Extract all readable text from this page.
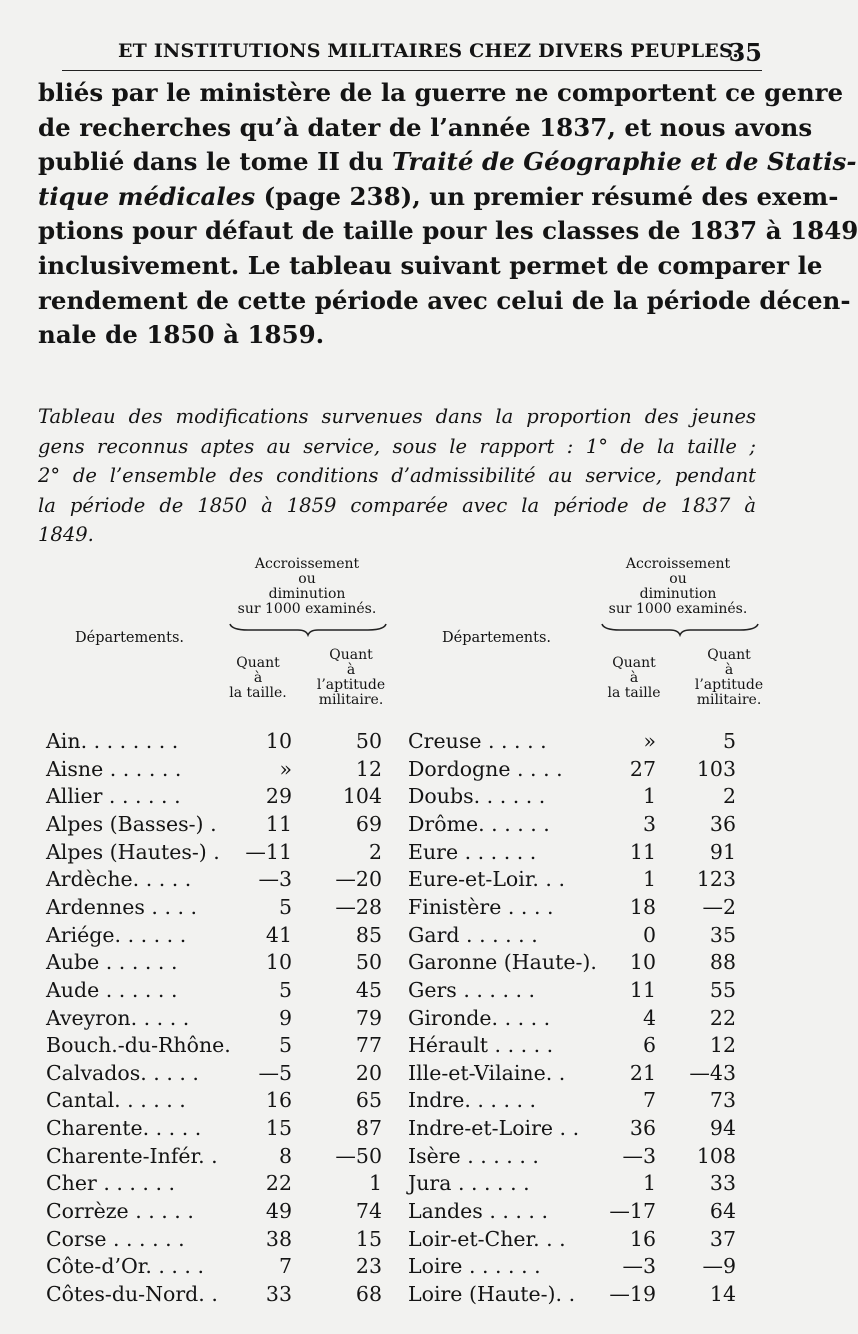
ET INSTITUTIONS MILITAIRES CHEZ DIVERS PEUPLES.
35
bliés par le ministère de la guerre ne comportent ce genre
de recherches qu’à dater de l’année 1837, et nous avons
publié dans le tome II du Traité de Géographie et de Statis-
tique médicales (page 238), un premier résumé des exem-
ptions pour défaut de taille pour les classes de 1837 à 1849
inclusivement. Le tableau suivant permet de comparer le
rendement de cette période avec celui de la période décen-
nale de 1850 à 1859.
Tableau des modifications survenues dans la proportion des jeunes
gens reconnus aptes au service, sous le rapport : 1° de la taille ;
2° de l’ensemble des conditions d’admissibilité au service, pendant
la période de 1850 à 1859 comparée avec la période de 1837 à
1849.
Accroissement
ou
diminution
sur 1000 examinés.
Départements.
Quant
à
la taille.
Quant
à
l’aptitude
militaire.
Accroissement
ou
diminution
sur 1000 examinés.
Départements.
Quant
à
la taille
Quant
à
l’aptitude
militaire.
Ain. . . . . . . .	10	50
Aisne . . . . . .	»	12
Allier . . . . . .	29	104
Alpes (Basses-) .	11	69
Alpes (Hautes-) .	—11	2
Ardèche. . . . .	—3	—20
Ardennes . . . .	5	—28
Ariége. . . . . .	41	85
Aube . . . . . .	10	50
Aude . . . . . .	5	45
Aveyron. . . . .	9	79
Bouch.-du-Rhône.	5	77
Calvados. . . . .	—5	20
Cantal. . . . . .	16	65
Charente. . . . .	15	87
Charente-Infér. .	8	—50
Cher . . . . . .	22	1
Corrèze . . . . .	49	74
Corse . . . . . .	38	15
Côte-d’Or. . . . .	7	23
Côtes-du-Nord. .	33	68
Creuse . . . . .	»	5
Dordogne . . . .	27	103
Doubs. . . . . .	1	2
Drôme. . . . . .	3	36
Eure . . . . . .	11	91
Eure-et-Loir. . .	1	123
Finistère . . . .	18	—2
Gard . . . . . .	0	35
Garonne (Haute-).	10	88
Gers . . . . . .	11	55
Gironde. . . . .	4	22
Hérault . . . . .	6	12
Ille-et-Vilaine. .	21	—43
Indre. . . . . .	7	73
Indre-et-Loire . .	36	94
Isère . . . . . .	—3	108
Jura . . . . . .	1	33
Landes . . . . .	—17	64
Loir-et-Cher. . .	16	37
Loire . . . . . .	—3	—9
Loire (Haute-). .	—19	14
